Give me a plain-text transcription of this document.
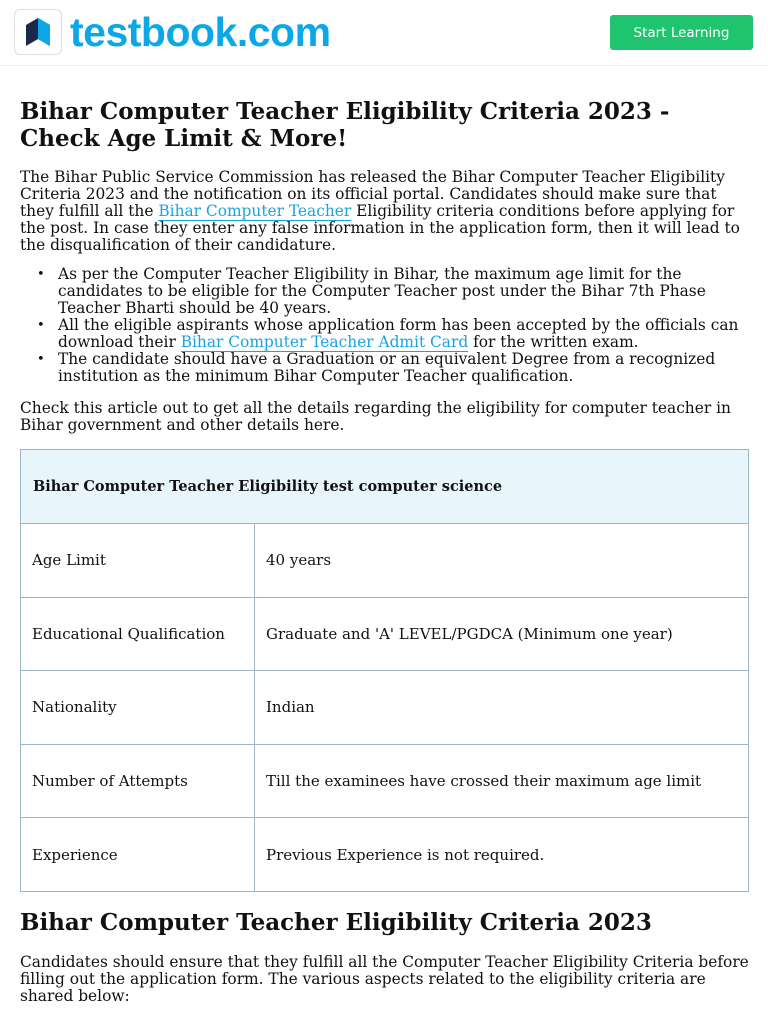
testbook.com	Start Learning
Bihar Computer Teacher Eligibility Criteria 2023 - Check Age Limit & More!

The Bihar Public Service Commission has released the Bihar Computer Teacher Eligibility Criteria 2023 and the notification on its official portal. Candidates should make sure that they fulfill all the Bihar Computer Teacher Eligibility criteria conditions before applying for the post. In case they enter any false information in the application form, then it will lead to the disqualification of their candidature.

• As per the Computer Teacher Eligibility in Bihar, the maximum age limit for the candidates to be eligible for the Computer Teacher post under the Bihar 7th Phase Teacher Bharti should be 40 years.
• All the eligible aspirants whose application form has been accepted by the officials can download their Bihar Computer Teacher Admit Card for the written exam.
• The candidate should have a Graduation or an equivalent Degree from a recognized institution as the minimum Bihar Computer Teacher qualification.

Check this article out to get all the details regarding the eligibility for computer teacher in Bihar government and other details here.

Bihar Computer Teacher Eligibility test computer science	
Age Limit	40 years
Educational Qualification	Graduate and 'A' LEVEL/PGDCA (Minimum one year)
Nationality	Indian
Number of Attempts	Till the examinees have crossed their maximum age limit
Experience	Previous Experience is not required.
Bihar Computer Teacher Eligibility Criteria 2023

Candidates should ensure that they fulfill all the Computer Teacher Eligibility Criteria before filling out the application form. The various aspects related to the eligibility criteria are shared below:
